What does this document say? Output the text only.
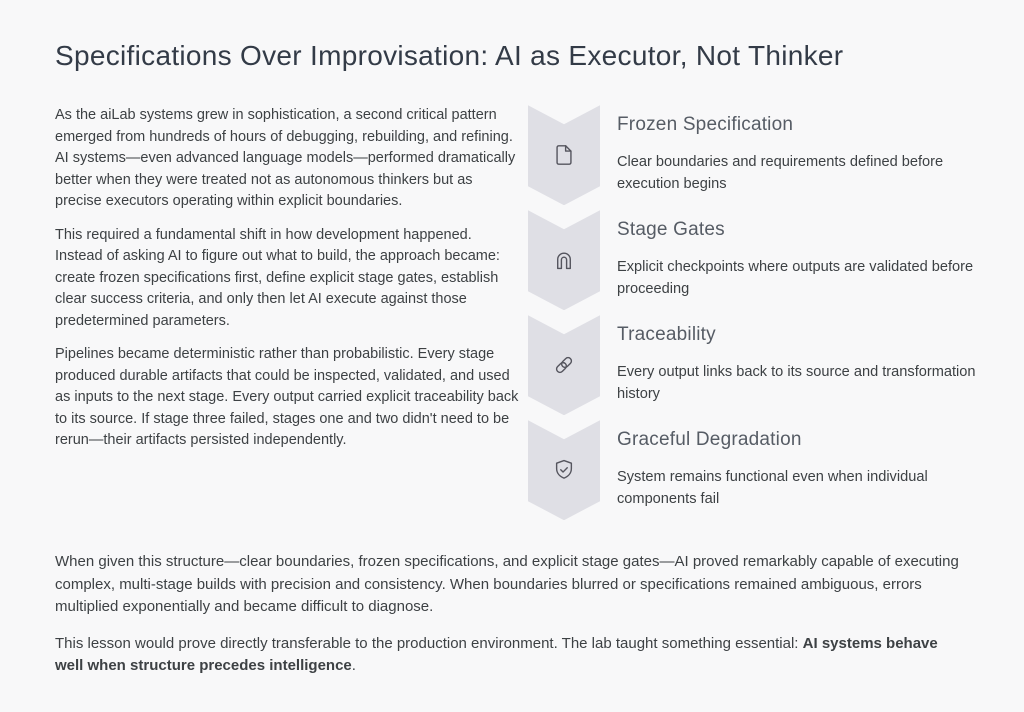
Specifications Over Improvisation: AI as Executor, Not Thinker

As the aiLab systems grew in sophistication, a second critical pattern emerged from hundreds of hours of debugging, rebuilding, and refining. AI systems—even advanced language models—performed dramatically better when they were treated not as autonomous thinkers but as precise executors operating within explicit boundaries.

This required a fundamental shift in how development happened. Instead of asking AI to figure out what to build, the approach became: create frozen specifications first, define explicit stage gates, establish clear success criteria, and only then let AI execute against those predetermined parameters.

Pipelines became deterministic rather than probabilistic. Every stage produced durable artifacts that could be inspected, validated, and used as inputs to the next stage. Every output carried explicit traceability back to its source. If stage three failed, stages one and two didn't need to be rerun—their artifacts persisted independently.

Frozen Specification
Clear boundaries and requirements defined before execution begins
Stage Gates
Explicit checkpoints where outputs are validated before proceeding
Traceability
Every output links back to its source and transformation history
Graceful Degradation
System remains functional even when individual components fail

When given this structure—clear boundaries, frozen specifications, and explicit stage gates—AI proved remarkably capable of executing complex, multi-stage builds with precision and consistency. When boundaries blurred or specifications remained ambiguous, errors multiplied exponentially and became difficult to diagnose.

This lesson would prove directly transferable to the production environment. The lab taught something essential: AI systems behave well when structure precedes intelligence.
